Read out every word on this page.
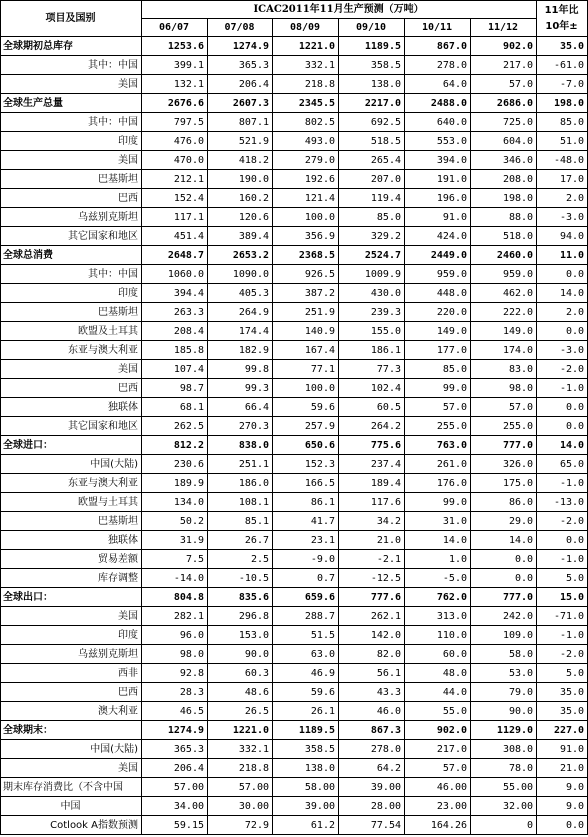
项目及国别	ICAC2011年11月生产预测（万吨）						11年比
10年±
	06/07	07/08	08/09	09/10	10/11	11/12	
全球期初总库存	1253.6	1274.9	1221.0	1189.5	867.0	902.0	35.0
其中：中国	399.1	365.3	332.1	358.5	278.0	217.0	-61.0
美国	132.1	206.4	218.8	138.0	64.0	57.0	-7.0
全球生产总量	2676.6	2607.3	2345.5	2217.0	2488.0	2686.0	198.0
其中：中国	797.5	807.1	802.5	692.5	640.0	725.0	85.0
印度	476.0	521.9	493.0	518.5	553.0	604.0	51.0
美国	470.0	418.2	279.0	265.4	394.0	346.0	-48.0
巴基斯坦	212.1	190.0	192.6	207.0	191.0	208.0	17.0
巴西	152.4	160.2	121.4	119.4	196.0	198.0	2.0
乌兹别克斯坦	117.1	120.6	100.0	85.0	91.0	88.0	-3.0
其它国家和地区	451.4	389.4	356.9	329.2	424.0	518.0	94.0
全球总消费	2648.7	2653.2	2368.5	2524.7	2449.0	2460.0	11.0
其中：中国	1060.0	1090.0	926.5	1009.9	959.0	959.0	0.0
印度	394.4	405.3	387.2	430.0	448.0	462.0	14.0
巴基斯坦	263.3	264.9	251.9	239.3	220.0	222.0	2.0
欧盟及土耳其	208.4	174.4	140.9	155.0	149.0	149.0	0.0
东亚与澳大利亚	185.8	182.9	167.4	186.1	177.0	174.0	-3.0
美国	107.4	99.8	77.1	77.3	85.0	83.0	-2.0
巴西	98.7	99.3	100.0	102.4	99.0	98.0	-1.0
独联体	68.1	66.4	59.6	60.5	57.0	57.0	0.0
其它国家和地区	262.5	270.3	257.9	264.2	255.0	255.0	0.0
全球进口：	812.2	838.0	650.6	775.6	763.0	777.0	14.0
中国(大陆)	230.6	251.1	152.3	237.4	261.0	326.0	65.0
东亚与澳大利亚	189.9	186.0	166.5	189.4	176.0	175.0	-1.0
欧盟与土耳其	134.0	108.1	86.1	117.6	99.0	86.0	-13.0
巴基斯坦	50.2	85.1	41.7	34.2	31.0	29.0	-2.0
独联体	31.9	26.7	23.1	21.0	14.0	14.0	0.0
贸易差额	7.5	2.5	-9.0	-2.1	1.0	0.0	-1.0
库存调整	-14.0	-10.5	0.7	-12.5	-5.0	0.0	5.0
全球出口：	804.8	835.6	659.6	777.6	762.0	777.0	15.0
美国	282.1	296.8	288.7	262.1	313.0	242.0	-71.0
印度	96.0	153.0	51.5	142.0	110.0	109.0	-1.0
乌兹别克斯坦	98.0	90.0	63.0	82.0	60.0	58.0	-2.0
西非	92.8	60.3	46.9	56.1	48.0	53.0	5.0
巴西	28.3	48.6	59.6	43.3	44.0	79.0	35.0
澳大利亚	46.5	26.5	26.1	46.0	55.0	90.0	35.0
全球期末：	1274.9	1221.0	1189.5	867.3	902.0	1129.0	227.0
中国(大陆)	365.3	332.1	358.5	278.0	217.0	308.0	91.0
美国	206.4	218.8	138.0	64.2	57.0	78.0	21.0
期末库存消费比（不含中国	57.00	57.00	58.00	39.00	46.00	55.00	9.0
中国	34.00	30.00	39.00	28.00	23.00	32.00	9.0
Cotlook A指数预测	59.15	72.9	61.2	77.54	164.26	0	0.0
